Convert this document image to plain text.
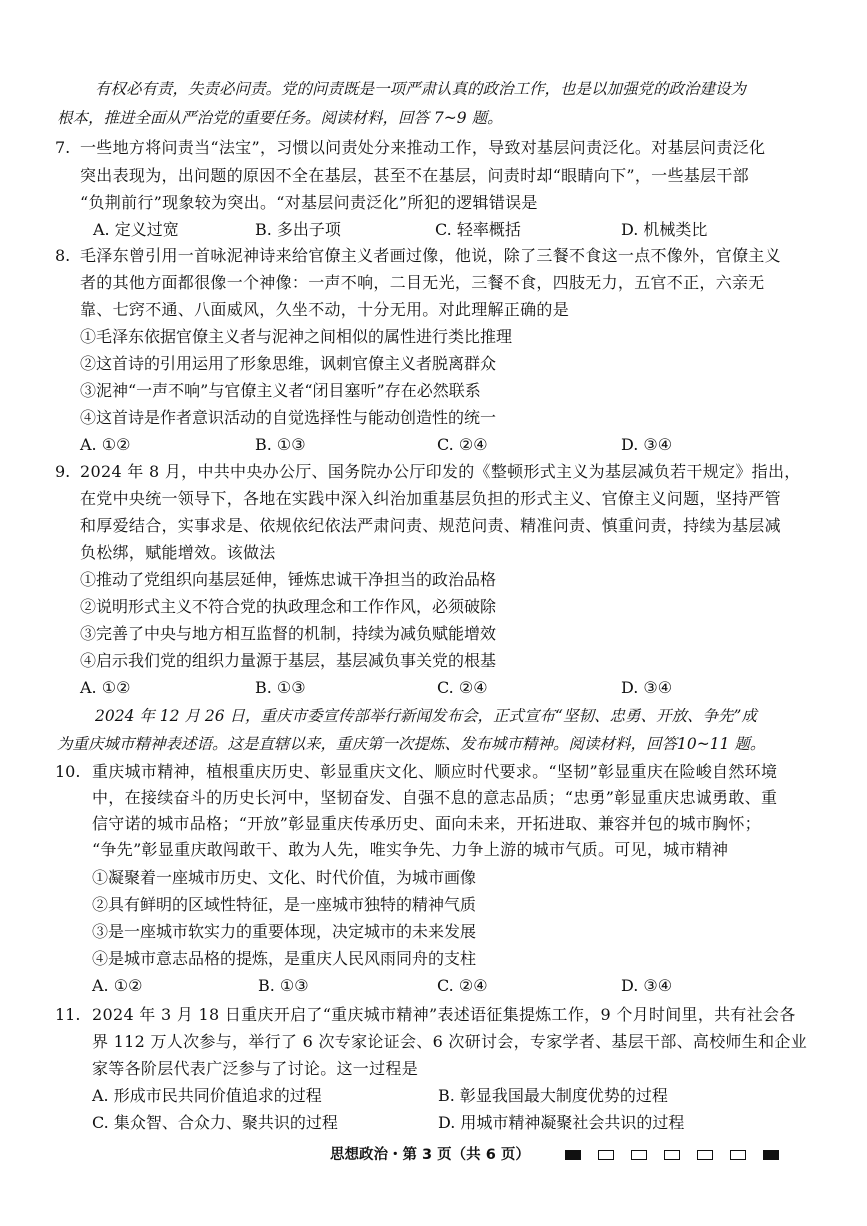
有权必有责，失责必问责。党的问责既是一项严肃认真的政治工作，也是以加强党的政治建设为
根本，推进全面从严治党的重要任务。阅读材料，回答 7~9 题。
7. 一些地方将问责当“法宝”，习惯以问责处分来推动工作，导致对基层问责泛化。对基层问责泛化
突出表现为，出问题的原因不全在基层，甚至不在基层，问责时却“眼睛向下”，一些基层干部
“负荆前行”现象较为突出。“对基层问责泛化”所犯的逻辑错误是
A. 定义过宽	B. 多出子项	C. 轻率概括	D. 机械类比
8. 毛泽东曾引用一首咏泥神诗来给官僚主义者画过像，他说，除了三餐不食这一点不像外，官僚主义
者的其他方面都很像一个神像：一声不响，二目无光，三餐不食，四肢无力，五官不正，六亲无
靠、七窍不通、八面威风，久坐不动，十分无用。对此理解正确的是
①毛泽东依据官僚主义者与泥神之间相似的属性进行类比推理
②这首诗的引用运用了形象思维，讽刺官僚主义者脱离群众
③泥神“一声不响”与官僚主义者“闭目塞听”存在必然联系
④这首诗是作者意识活动的自觉选择性与能动创造性的统一
A. ①②	B. ①③	C. ②④	D. ③④
9. 2024 年 8 月，中共中央办公厅、国务院办公厅印发的《整顿形式主义为基层减负若干规定》指出，
在党中央统一领导下，各地在实践中深入纠治加重基层负担的形式主义、官僚主义问题，坚持严管
和厚爱结合，实事求是、依规依纪依法严肃问责、规范问责、精准问责、慎重问责，持续为基层减
负松绑，赋能增效。该做法
①推动了党组织向基层延伸，锤炼忠诚干净担当的政治品格
②说明形式主义不符合党的执政理念和工作作风，必须破除
③完善了中央与地方相互监督的机制，持续为减负赋能增效
④启示我们党的组织力量源于基层，基层减负事关党的根基
A. ①②	B. ①③	C. ②④	D. ③④
2024 年 12 月 26 日，重庆市委宣传部举行新闻发布会，正式宣布“坚韧、忠勇、开放、争先”成
为重庆城市精神表述语。这是直辖以来，重庆第一次提炼、发布城市精神。阅读材料，回答10~11 题。
10. 重庆城市精神，植根重庆历史、彰显重庆文化、顺应时代要求。“坚韧”彰显重庆在险峻自然环境
中，在接续奋斗的历史长河中，坚韧奋发、自强不息的意志品质；“忠勇”彰显重庆忠诚勇敢、重
信守诺的城市品格；“开放”彰显重庆传承历史、面向未来，开拓进取、兼容并包的城市胸怀；
“争先”彰显重庆敢闯敢干、敢为人先，唯实争先、力争上游的城市气质。可见，城市精神
①凝聚着一座城市历史、文化、时代价值，为城市画像
②具有鲜明的区域性特征，是一座城市独特的精神气质
③是一座城市软实力的重要体现，决定城市的未来发展
④是城市意志品格的提炼，是重庆人民风雨同舟的支柱
A. ①②	B. ①③	C. ②④	D. ③④
11. 2024 年 3 月 18 日重庆开启了“重庆城市精神”表述语征集提炼工作，9 个月时间里，共有社会各
界 112 万人次参与，举行了 6 次专家论证会、6 次研讨会，专家学者、基层干部、高校师生和企业
家等各阶层代表广泛参与了讨论。这一过程是
A. 形成市民共同价值追求的过程	B. 彰显我国最大制度优势的过程
C. 集众智、合众力、聚共识的过程	D. 用城市精神凝聚社会共识的过程
思想政治・第 3 页（共 6 页）
